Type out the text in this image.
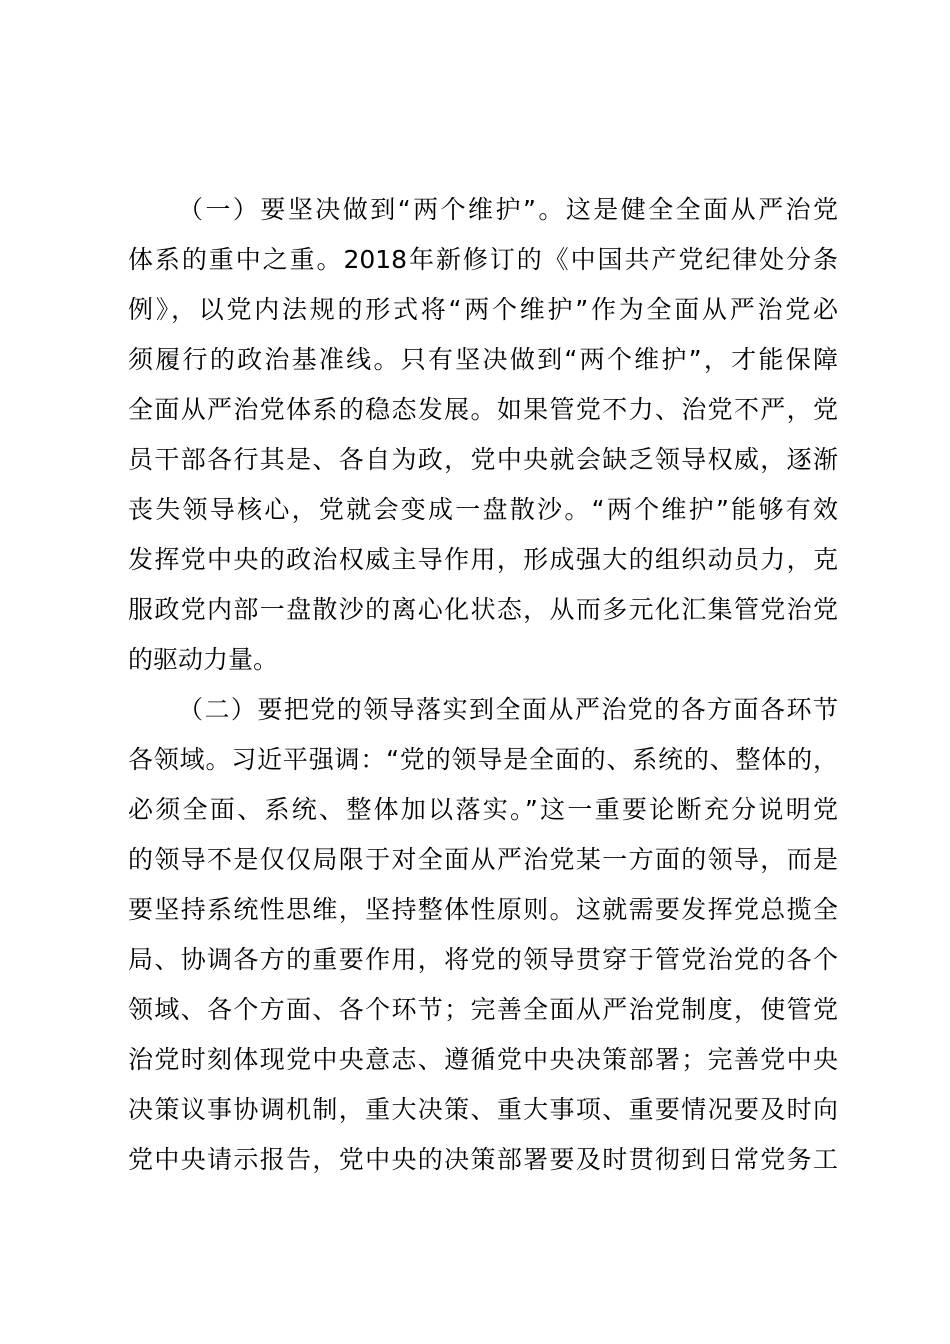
（一）要坚决做到“两个维护”。这是健全全面从严治党
体系的重中之重。2018年新修订的《中国共产党纪律处分条
例》，以党内法规的形式将“两个维护”作为全面从严治党必
须履行的政治基准线。只有坚决做到“两个维护”，才能保障
全面从严治党体系的稳态发展。如果管党不力、治党不严，党
员干部各行其是、各自为政，党中央就会缺乏领导权威，逐渐
丧失领导核心，党就会变成一盘散沙。“两个维护”能够有效
发挥党中央的政治权威主导作用，形成强大的组织动员力，克
服政党内部一盘散沙的离心化状态，从而多元化汇集管党治党
的驱动力量。
（二）要把党的领导落实到全面从严治党的各方面各环节
各领域。习近平强调：“党的领导是全面的、系统的、整体的，
必须全面、系统、整体加以落实。”这一重要论断充分说明党
的领导不是仅仅局限于对全面从严治党某一方面的领导，而是
要坚持系统性思维，坚持整体性原则。这就需要发挥党总揽全
局、协调各方的重要作用，将党的领导贯穿于管党治党的各个
领域、各个方面、各个环节；完善全面从严治党制度，使管党
治党时刻体现党中央意志、遵循党中央决策部署；完善党中央
决策议事协调机制，重大决策、重大事项、重要情况要及时向
党中央请示报告，党中央的决策部署要及时贯彻到日常党务工
